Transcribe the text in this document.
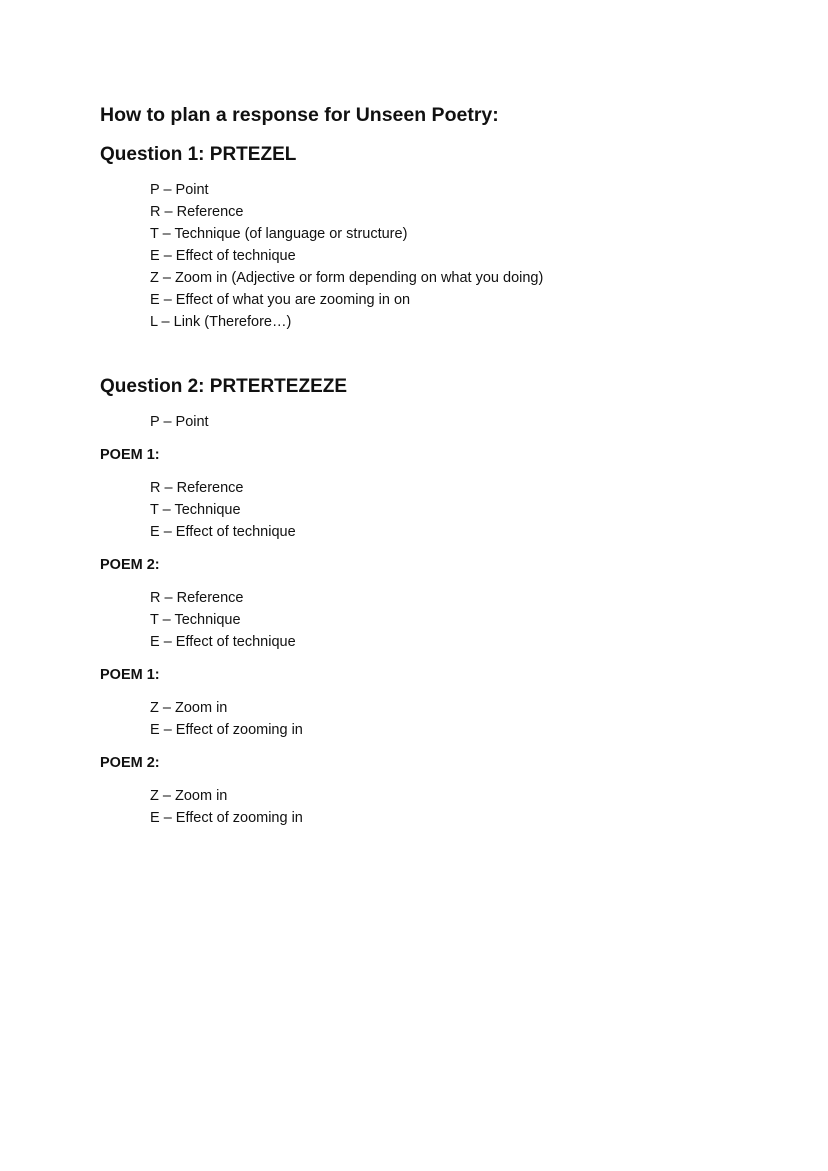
How to plan a response for Unseen Poetry:
Question 1: PRTEZEL
P – Point
R – Reference
T – Technique (of language or structure)
E – Effect of technique
Z – Zoom in (Adjective or form depending on what you doing)
E – Effect of what you are zooming in on
L – Link (Therefore…)
Question 2: PRTERTEZEZE
P – Point

POEM 1:

R – Reference
T – Technique
E – Effect of technique

POEM 2:

R – Reference
T – Technique
E – Effect of technique

POEM 1:

Z – Zoom in
E – Effect of zooming in

POEM 2:

Z – Zoom in
E – Effect of zooming in
